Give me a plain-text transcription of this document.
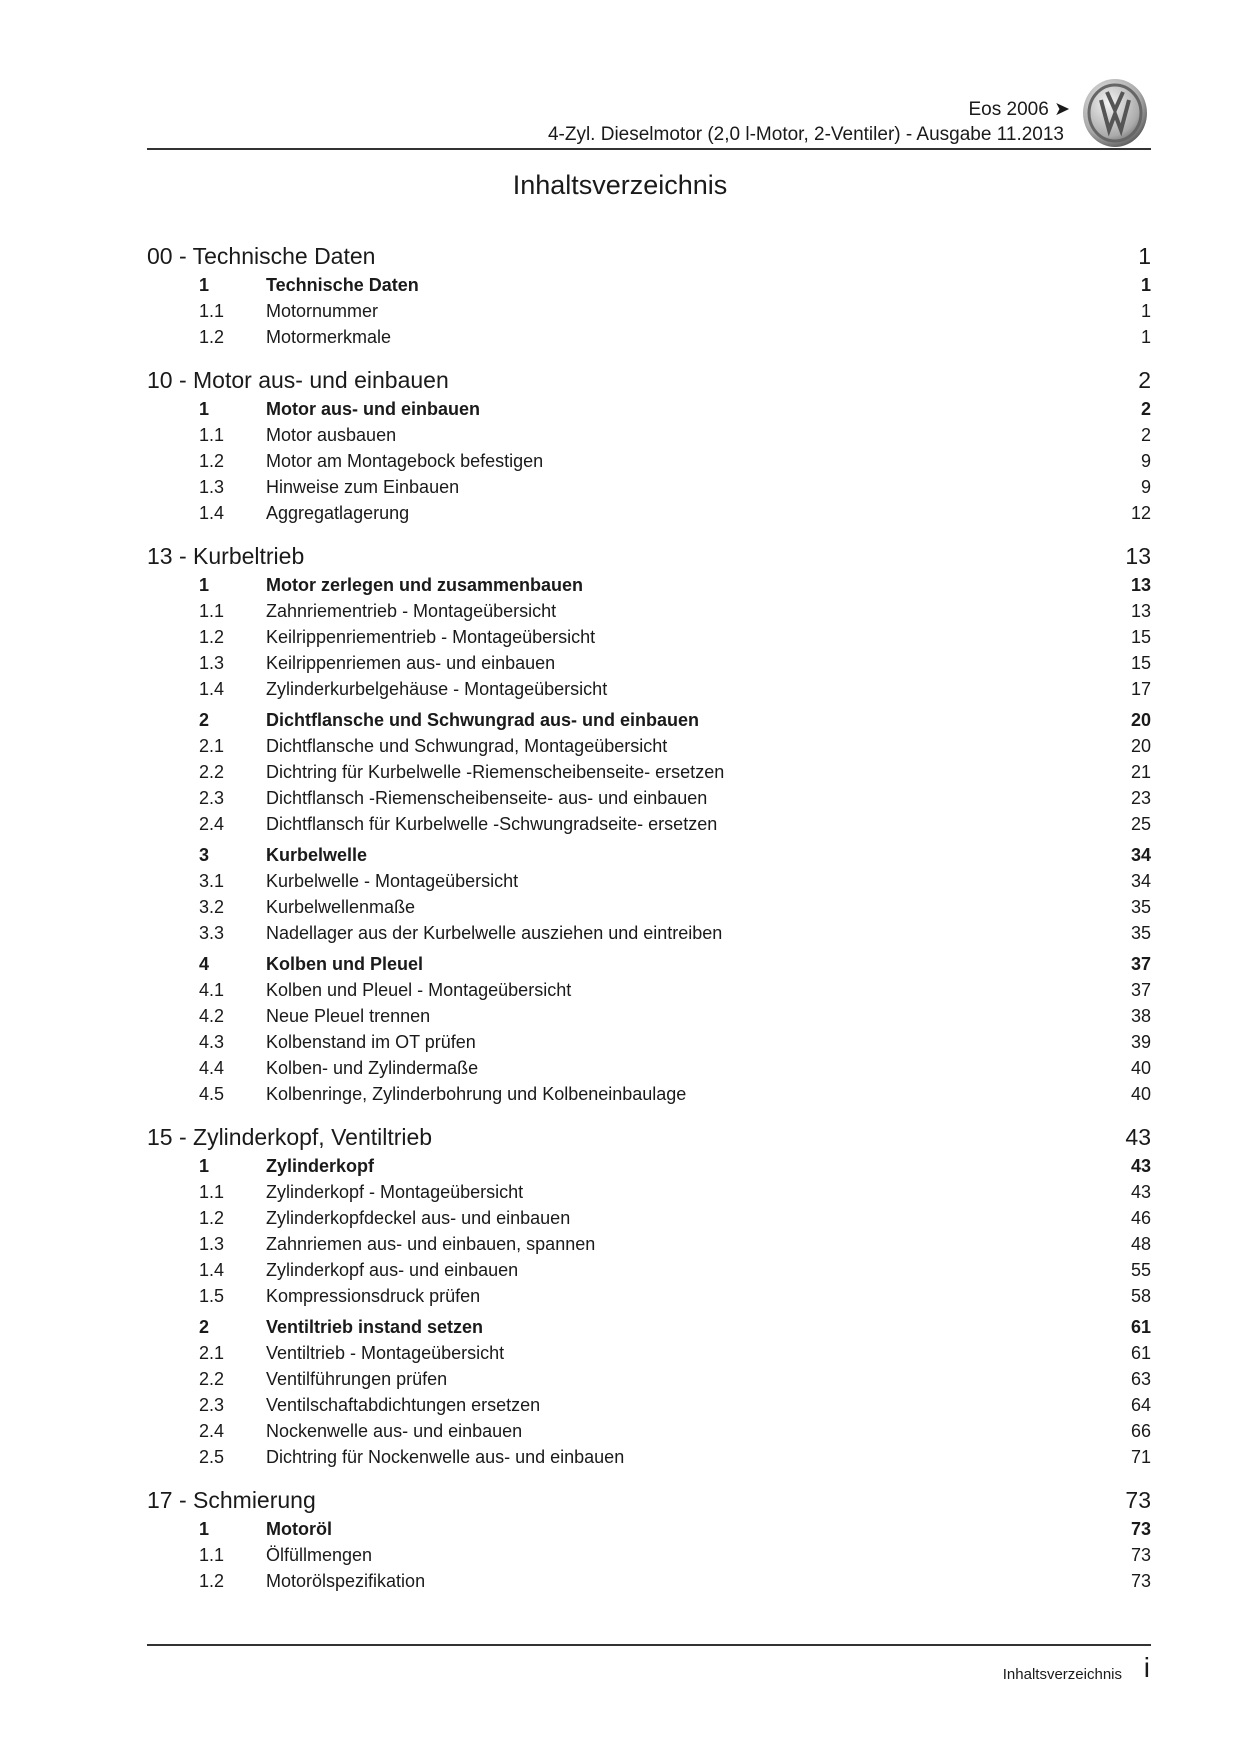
Eos 2006 ➤
4-Zyl. Dieselmotor (2,0 l-Motor, 2-Ventiler) - Ausgabe 11.2013
Inhaltsverzeichnis
00 - Technische Daten	1
1	Technische Daten	1
1.1	Motornummer	1
1.2	Motormerkmale	1
10 - Motor aus- und einbauen	2
1	Motor aus- und einbauen	2
1.1	Motor ausbauen	2
1.2	Motor am Montagebock befestigen	9
1.3	Hinweise zum Einbauen	9
1.4	Aggregatlagerung	12
13 - Kurbeltrieb	13
1	Motor zerlegen und zusammenbauen	13
1.1	Zahnriementrieb - Montageübersicht	13
1.2	Keilrippenriementrieb - Montageübersicht	15
1.3	Keilrippenriemen aus- und einbauen	15
1.4	Zylinderkurbelgehäuse - Montageübersicht	17
2	Dichtflansche und Schwungrad aus- und einbauen	20
2.1	Dichtflansche und Schwungrad, Montageübersicht	20
2.2	Dichtring für Kurbelwelle -Riemenscheibenseite- ersetzen	21
2.3	Dichtflansch -Riemenscheibenseite- aus- und einbauen	23
2.4	Dichtflansch für Kurbelwelle -Schwungradseite- ersetzen	25
3	Kurbelwelle	34
3.1	Kurbelwelle - Montageübersicht	34
3.2	Kurbelwellenmaße	35
3.3	Nadellager aus der Kurbelwelle ausziehen und eintreiben	35
4	Kolben und Pleuel	37
4.1	Kolben und Pleuel - Montageübersicht	37
4.2	Neue Pleuel trennen	38
4.3	Kolbenstand im OT prüfen	39
4.4	Kolben- und Zylindermaße	40
4.5	Kolbenringe, Zylinderbohrung und Kolbeneinbaulage	40
15 - Zylinderkopf, Ventiltrieb	43
1	Zylinderkopf	43
1.1	Zylinderkopf - Montageübersicht	43
1.2	Zylinderkopfdeckel aus- und einbauen	46
1.3	Zahnriemen aus- und einbauen, spannen	48
1.4	Zylinderkopf aus- und einbauen	55
1.5	Kompressionsdruck prüfen	58
2	Ventiltrieb instand setzen	61
2.1	Ventiltrieb - Montageübersicht	61
2.2	Ventilführungen prüfen	63
2.3	Ventilschaftabdichtungen ersetzen	64
2.4	Nockenwelle aus- und einbauen	66
2.5	Dichtring für Nockenwelle aus- und einbauen	71
17 - Schmierung	73
1	Motoröl	73
1.1	Ölfüllmengen	73
1.2	Motorölspezifikation	73
Inhaltsverzeichnis i
